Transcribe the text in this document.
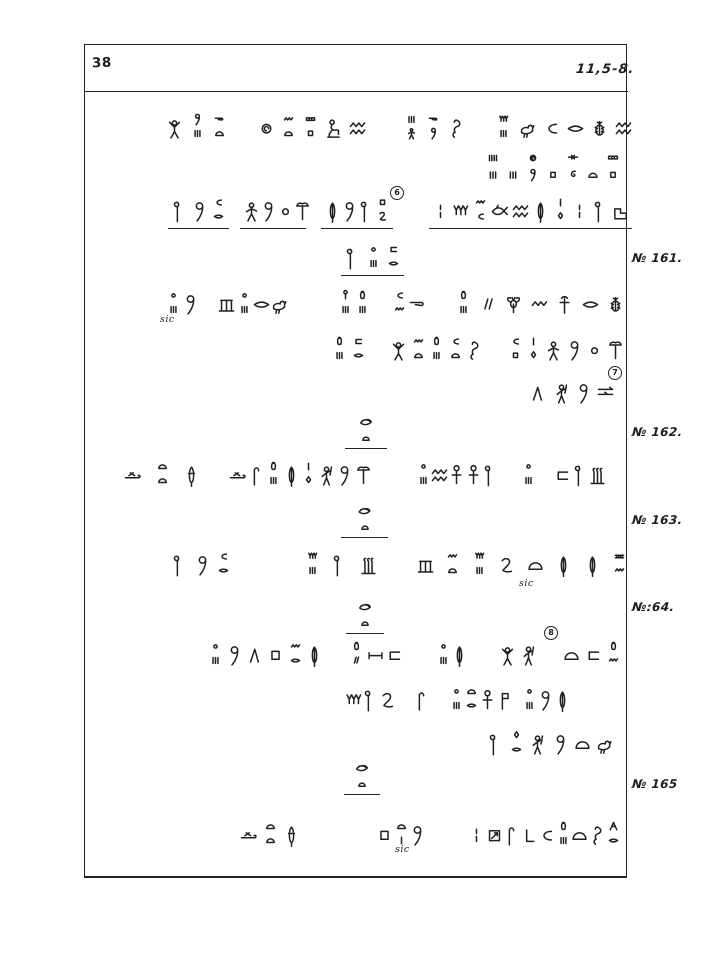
38	11,5-8.
№ 161.
№ 162.
№ 163.
№:64.
№ 165
6
7
8
sic
sic
sic
